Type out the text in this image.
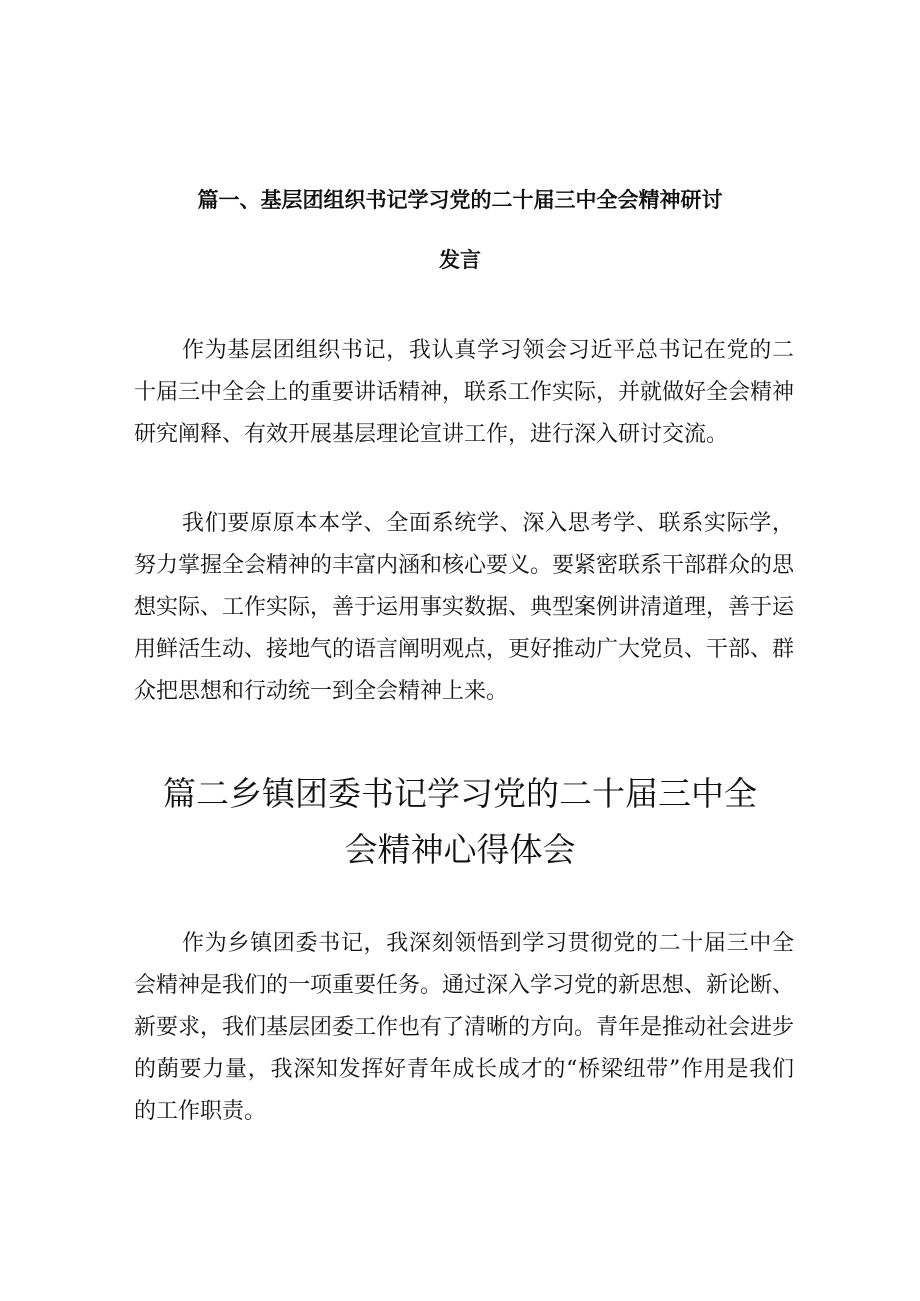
篇一、基层团组织书记学习党的二十届三中全会精神研讨
发言

作为基层团组织书记，我认真学习领会习近平总书记在党的二十届三中全会上的重要讲话精神，联系工作实际，并就做好全会精神研究阐释、有效开展基层理论宣讲工作，进行深入研讨交流。

我们要原原本本学、全面系统学、深入思考学、联系实际学，努力掌握全会精神的丰富内涵和核心要义。要紧密联系干部群众的思想实际、工作实际，善于运用事实数据、典型案例讲清道理，善于运用鲜活生动、接地气的语言阐明观点，更好推动广大党员、干部、群众把思想和行动统一到全会精神上来。

篇二乡镇团委书记学习党的二十届三中全
会精神心得体会

作为乡镇团委书记，我深刻领悟到学习贯彻党的二十届三中全会精神是我们的一项重要任务。通过深入学习党的新思想、新论断、新要求，我们基层团委工作也有了清晰的方向。青年是推动社会进步的蓢要力量，我深知发挥好青年成长成才的“桥梁纽带”作用是我们的工作职责。
